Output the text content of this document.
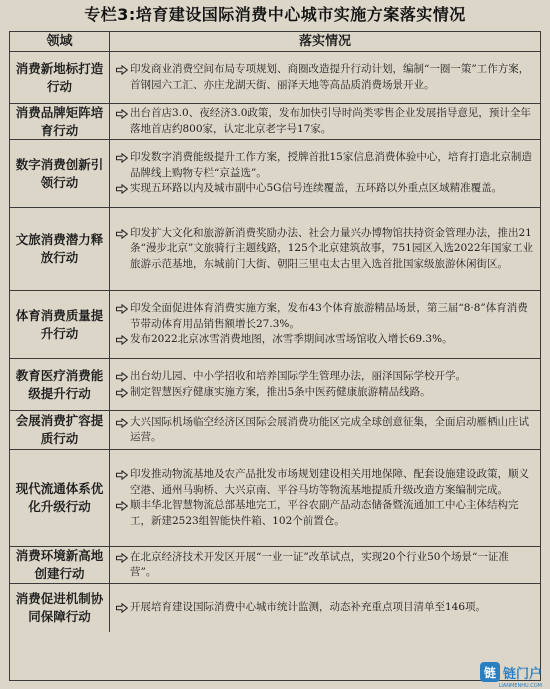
专栏3:培育建设国际消费中心城市实施方案落实情况
领域	落实情况
消费新地标打造行动
印发商业消费空间布局专项规划、商圈改造提升行动计划，编制“一圈一策”工作方案，首钢园六工汇、亦庄龙湖天街、丽泽天地等高品质消费场景开业。
消费品牌矩阵培育行动
出台首店3.0、夜经济3.0政策，发布加快引导时尚类零售企业发展指导意见，预计全年落地首店约800家，认定北京老字号17家。
数字消费创新引领行动
印发数字消费能级提升工作方案，授牌首批15家信息消费体验中心，培育打造北京制造品牌线上购物专栏“京益选”。
实现五环路以内及城市副中心5G信号连续覆盖，五环路以外重点区域精准覆盖。
文旅消费潜力释放行动
印发扩大文化和旅游新消费奖励办法、社会力量兴办博物馆扶持资金管理办法，推出21条“漫步北京”文旅骑行主题线路，125个北京建筑故事，751园区入选2022年国家工业旅游示范基地，东城前门大街、朝阳三里屯太古里入选首批国家级旅游休闲街区。
体育消费质量提升行动
印发全面促进体育消费实施方案，发布43个体育旅游精品场景，第三届“8·8”体育消费节带动体育用品销售额增长27.3%。
发布2022北京冰雪消费地图，冰雪季期间冰雪场馆收入增长69.3%。
教育医疗消费能级提升行动
出台幼儿园、中小学招收和培养国际学生管理办法，丽泽国际学校开学。
制定智慧医疗健康实施方案，推出5条中医药健康旅游精品线路。
会展消费扩容提质行动
大兴国际机场临空经济区国际会展消费功能区完成全球创意征集，全面启动雁栖山庄试运营。
现代流通体系优化升级行动
印发推动物流基地及农产品批发市场规划建设相关用地保障、配套设施建设政策，顺义空港、通州马驹桥、大兴京南、平谷马坊等物流基地提质升级改造方案编制完成。
顺丰华北智慧物流总部基地完工，平谷农副产品动态储备暨流通加工中心主体结构完工，新建2523组智能快件箱、102个前置仓。
消费环境新高地创建行动
在北京经济技术开发区开展“一业一证”改革试点，实现20个行业50个场景“一证准营”。
消费促进机制协同保障行动
开展培育建设国际消费中心城市统计监测，动态补充重点项目清单至146项。
链 链门户
LIANMENHU.COM
